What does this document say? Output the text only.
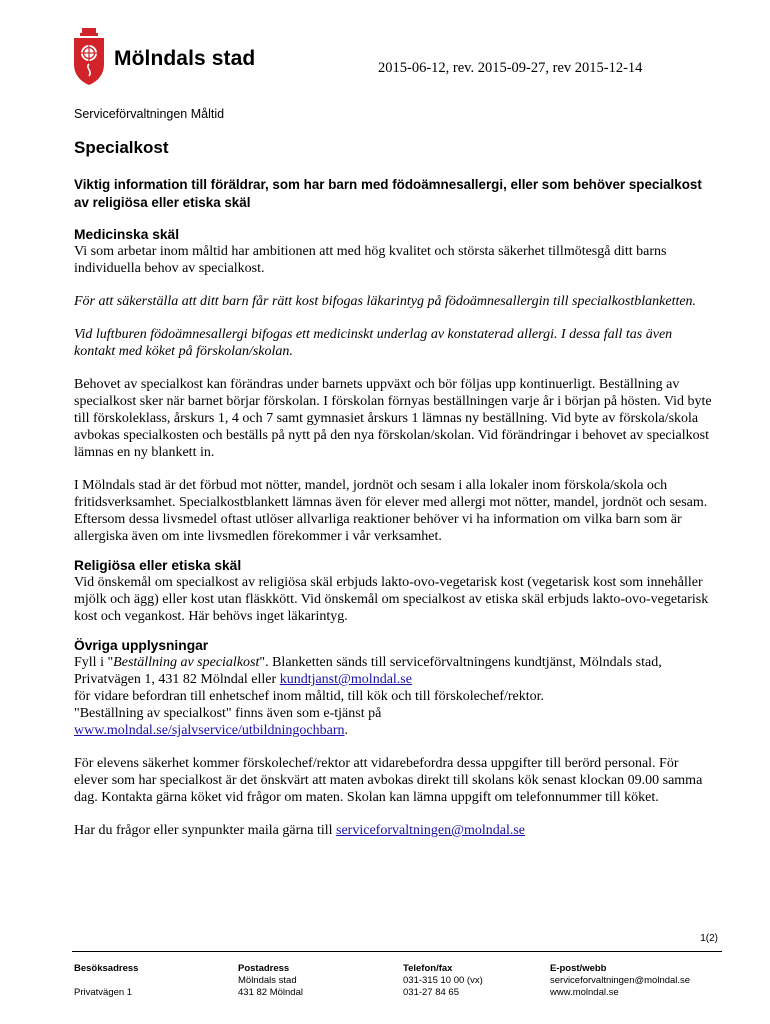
Mölndals stad	2015-06-12, rev. 2015-09-27, rev 2015-12-14
Serviceförvaltningen Måltid
Specialkost
Viktig information till föräldrar, som har barn med födoämnesallergi, eller som behöver specialkost av religiösa eller etiska skäl
Medicinska skäl

Vi som arbetar inom måltid har ambitionen att med hög kvalitet och största säkerhet tillmötesgå ditt barns individuella behov av specialkost.

För att säkerställa att ditt barn får rätt kost bifogas läkarintyg på födoämnesallergin till specialkostblanketten.

Vid luftburen födoämnesallergi bifogas ett medicinskt underlag av konstaterad allergi. I dessa fall tas även kontakt med köket på förskolan/skolan.

Behovet av specialkost kan förändras under barnets uppväxt och bör följas upp kontinuerligt. Beställning av specialkost sker när barnet börjar förskolan. I förskolan förnyas beställningen varje år i början på hösten. Vid byte till förskoleklass, årskurs 1, 4 och 7 samt gymnasiet årskurs 1 lämnas ny beställning. Vid byte av förskola/skola avbokas specialkosten och beställs på nytt på den nya förskolan/skolan. Vid förändringar i behovet av specialkost lämnas en ny blankett in.

I Mölndals stad är det förbud mot nötter, mandel, jordnöt och sesam i alla lokaler inom förskola/skola och fritidsverksamhet. Specialkostblankett lämnas även för elever med allergi mot nötter, mandel, jordnöt och sesam. Eftersom dessa livsmedel oftast utlöser allvarliga reaktioner behöver vi ha information om vilka barn som är allergiska även om inte livsmedlen förekommer i vår verksamhet.

Religiösa eller etiska skäl

Vid önskemål om specialkost av religiösa skäl erbjuds lakto-ovo-vegetarisk kost (vegetarisk kost som innehåller mjölk och ägg) eller kost utan fläskkött. Vid önskemål om specialkost av etiska skäl erbjuds lakto-ovo-vegetarisk kost och vegankost. Här behövs inget läkarintyg.

Övriga upplysningar

Fyll i "Beställning av specialkost". Blanketten sänds till serviceförvaltningens kundtjänst, Mölndals stad, Privatvägen 1, 431 82 Mölndal eller kundtjanst@molndal.se
för vidare befordran till enhetschef inom måltid, till kök och till förskolechef/rektor.
"Beställning av specialkost" finns även som e-tjänst på
www.molndal.se/sjalvservice/utbildningochbarn.

För elevens säkerhet kommer förskolechef/rektor att vidarebefordra dessa uppgifter till berörd personal. För elever som har specialkost är det önskvärt att maten avbokas direkt till skolans kök senast klockan 09.00 samma dag. Kontakta gärna köket vid frågor om maten. Skolan kan lämna uppgift om telefonnummer till köket.

Har du frågor eller synpunkter maila gärna till serviceforvaltningen@molndal.se

1(2)
Besöksadress

Privatvägen 1
Postadress
Mölndals stad
431 82 Mölndal
Telefon/fax
031-315 10 00 (vx)
031-27 84 65
E-post/webb
serviceforvaltningen@molndal.se
www.molndal.se
